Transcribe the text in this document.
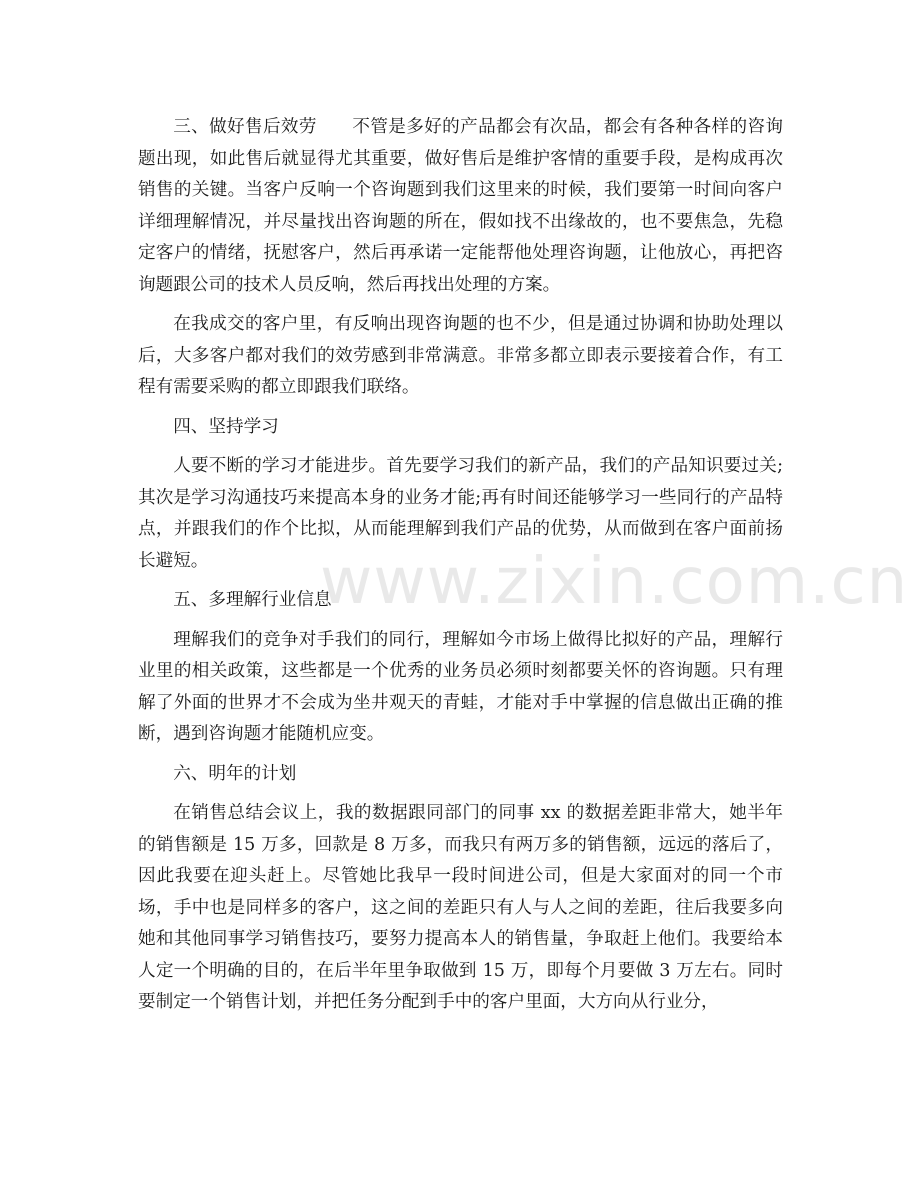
www.zixin.com.cn

三、做好售后效劳 不管是多好的产品都会有次品，都会有各种各样的咨询题出现，如此售后就显得尤其重要，做好售后是维护客情的重要手段，是构成再次销售的关键。当客户反响一个咨询题到我们这里来的时候，我们要第一时间向客户详细理解情况，并尽量找出咨询题的所在，假如找不出缘故的，也不要焦急，先稳定客户的情绪，抚慰客户，然后再承诺一定能帮他处理咨询题，让他放心，再把咨询题跟公司的技术人员反响，然后再找出处理的方案。

在我成交的客户里，有反响出现咨询题的也不少，但是通过协调和协助处理以后，大多客户都对我们的效劳感到非常满意。非常多都立即表示要接着合作，有工程有需要采购的都立即跟我们联络。

四、坚持学习

人要不断的学习才能进步。首先要学习我们的新产品，我们的产品知识要过关;其次是学习沟通技巧来提高本身的业务才能;再有时间还能够学习一些同行的产品特点，并跟我们的作个比拟，从而能理解到我们产品的优势，从而做到在客户面前扬长避短。

五、多理解行业信息

理解我们的竞争对手我们的同行，理解如今市场上做得比拟好的产品，理解行业里的相关政策，这些都是一个优秀的业务员必须时刻都要关怀的咨询题。只有理解了外面的世界才不会成为坐井观天的青蛙，才能对手中掌握的信息做出正确的推断，遇到咨询题才能随机应变。

六、明年的计划

在销售总结会议上，我的数据跟同部门的同事 xx 的数据差距非常大，她半年的销售额是 15 万多，回款是 8 万多，而我只有两万多的销售额，远远的落后了，因此我要在迎头赶上。尽管她比我早一段时间进公司，但是大家面对的同一个市场，手中也是同样多的客户，这之间的差距只有人与人之间的差距，往后我要多向她和其他同事学习销售技巧，要努力提高本人的销售量，争取赶上他们。我要给本人定一个明确的目的，在后半年里争取做到 15 万，即每个月要做 3 万左右。同时要制定一个销售计划，并把任务分配到手中的客户里面，大方向从行业分，
